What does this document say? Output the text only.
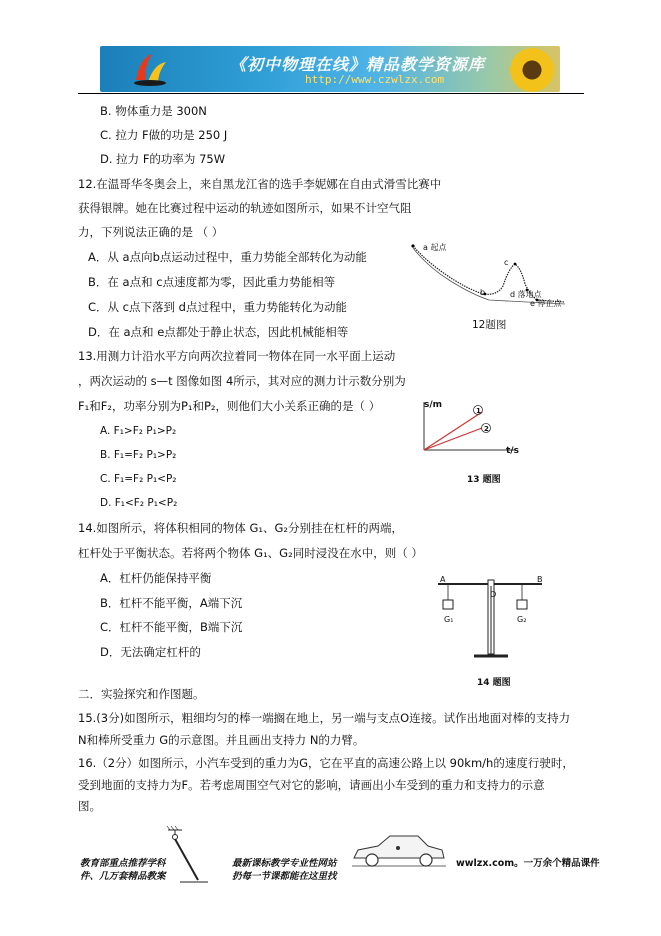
《初中物理在线》精品教学资源库
http://www.czwlzx.com
B. 物体重力是 300N
C. 拉力 F做的功是 250 J
D. 拉力 F的功率为 75W
12.在温哥华冬奥会上，来自黑龙江省的选手李妮娜在自由式滑雪比赛中
获得银牌。她在比赛过程中运动的轨迹如图所示，如果不计空气阻
力，下列说法正确的是 （ ）
A．从 a点向b点运动过程中，重力势能全部转化为动能
B．在 a点和 c点速度都为零，因此重力势能相等
C．从 c点下落到 d点过程中，重力势能转化为动能
D．在 a点和 e点都处于静止状态，因此机械能相等
a 起点
b
c
d 落地点
e 停止点
12题图
13.用测力计沿水平方向两次拉着同一物体在同一水平面上运动
，两次运动的 s—t 图像如图 4所示，其对应的测力计示数分别为
F₁和F₂，功率分别为P₁和P₂，则他们大小关系正确的是（ ）
A. F₁>F₂ P₁>P₂
B. F₁=F₂ P₁>P₂
C. F₁=F₂ P₁<P₂
D. F₁<F₂ P₁<P₂
s/m
t/s
1
2
13 题图
14.如图所示，将体积相同的物体 G₁、G₂分别挂在杠杆的两端，
杠杆处于平衡状态。若将两个物体 G₁、G₂同时浸没在水中，则（ ）
A．杠杆仍能保持平衡
B．杠杆不能平衡，A端下沉
C．杠杆不能平衡，B端下沉
D．无法确定杠杆的
A	B
O
G₁	G₂
14 题图
二．实验探究和作图题。
15.(3分)如图所示，粗细均匀的棒一端搁在地上，另一端与支点O连接。试作出地面对棒的支持力
N和棒所受重力 G的示意图。并且画出支持力 N的力臂。
16.（2分）如图所示，小汽车受到的重力为G，它在平直的高速公路上以 90km/h的速度行驶时，
受到地面的支持力为F。若考虑周围空气对它的影响，请画出小车受到的重力和支持力的示意
图。
教育部重点推荐学科
件、几万套精品教案
最新课标教学专业性网站
扔每一节课都能在这里找
wwlzx.com。一万余个精品课件
